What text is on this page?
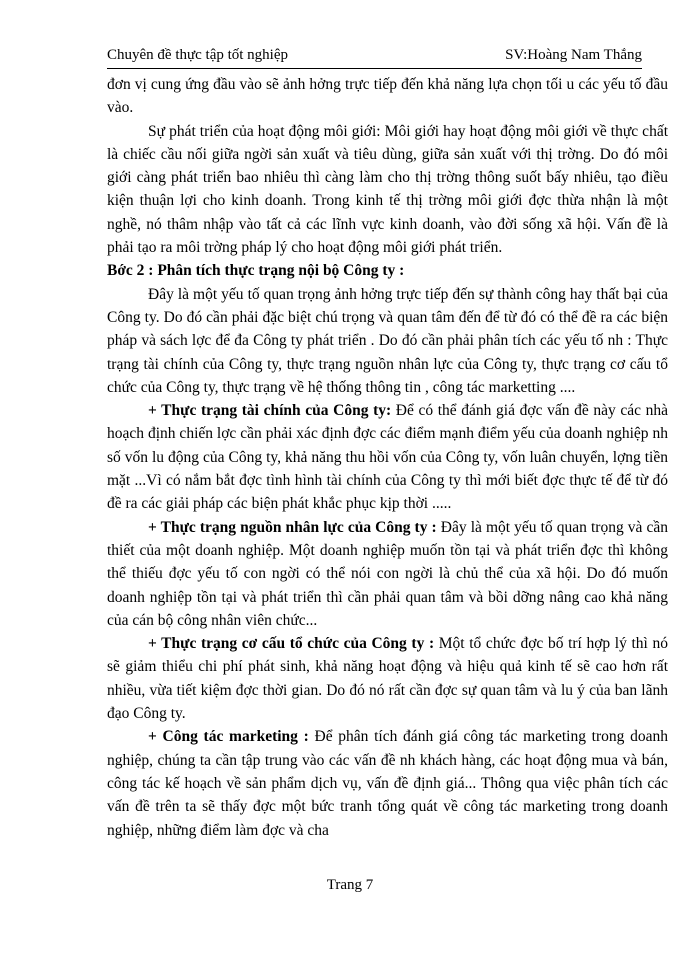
Chuyên đề thực tập tốt nghiệp	SV:Hoàng Nam Thắng

đơn vị cung ứng đầu vào sẽ ảnh hởng trực tiếp đến khả năng lựa chọn tối u các yếu tố đầu vào.

Sự phát triển của hoạt động môi giới: Môi giới hay hoạt động môi giới về thực chất là chiếc cầu nối giữa ngời sản xuất và tiêu dùng, giữa sản xuất với thị trờng. Do đó môi giới càng phát triển bao nhiêu thì càng làm cho thị trờng thông suốt bấy nhiêu, tạo điều kiện thuận lợi cho kinh doanh. Trong kinh tế thị trờng môi giới đợc thừa nhận là một nghề, nó thâm nhập vào tất cả các lĩnh vực kinh doanh, vào đời sống xã hội. Vấn đề là phải tạo ra môi trờng pháp lý cho hoạt động môi giới phát triển.

Bớc 2 : Phân tích thực trạng nội bộ Công ty :

Đây là một yếu tố quan trọng ảnh hởng trực tiếp đến sự thành công hay thất bại của Công ty. Do đó cần phải đặc biệt chú trọng và quan tâm đến để từ đó có thể đề ra các biện pháp và sách lợc để đa Công ty phát triển . Do đó cần phải phân tích các yếu tố nh : Thực trạng tài chính của Công ty, thực trạng nguồn nhân lực của Công ty, thực trạng cơ cấu tổ chức của Công ty, thực trạng về hệ thống thông tin , công tác marketting ....

+ Thực trạng tài chính của Công ty: Để có thể đánh giá đợc vấn đề này các nhà hoạch định chiến lợc cần phải xác định đợc các điểm mạnh điểm yếu của doanh nghiệp nh số vốn lu động của Công ty, khả năng thu hồi vốn của Công ty, vốn luân chuyển, lợng tiền mặt ...Vì có nắm bắt đợc tình hình tài chính của Công ty thì mới biết đợc thực tế để từ đó đề ra các giải pháp các biện phát khắc phục kịp thời .....

+ Thực trạng nguồn nhân lực của Công ty : Đây là một yếu tố quan trọng và cần thiết của một doanh nghiệp. Một doanh nghiệp muốn tồn tại và phát triển đợc thì không thể thiếu đợc yếu tố con ngời có thể nói con ngời là chủ thể của xã hội. Do đó muốn doanh nghiệp tồn tại và phát triển thì cần phải quan tâm và bồi dỡng nâng cao khả năng của cán bộ công nhân viên chức...

+ Thực trạng cơ cấu tổ chức của Công ty : Một tổ chức đợc bố trí hợp lý thì nó sẽ giảm thiểu chi phí phát sinh, khả năng hoạt động và hiệu quả kinh tế sẽ cao hơn rất nhiều, vừa tiết kiệm đợc thời gian. Do đó nó rất cần đợc sự quan tâm và lu ý của ban lãnh đạo Công ty.

+ Công tác marketing : Để phân tích đánh giá công tác marketing trong doanh nghiệp, chúng ta cần tập trung vào các vấn đề nh khách hàng, các hoạt động mua và bán, công tác kế hoạch về sản phẩm dịch vụ, vấn đề định giá... Thông qua việc phân tích các vấn đề trên ta sẽ thấy đợc một bức tranh tổng quát về công tác marketing trong doanh nghiệp, những điểm làm đợc và cha

Trang 7
